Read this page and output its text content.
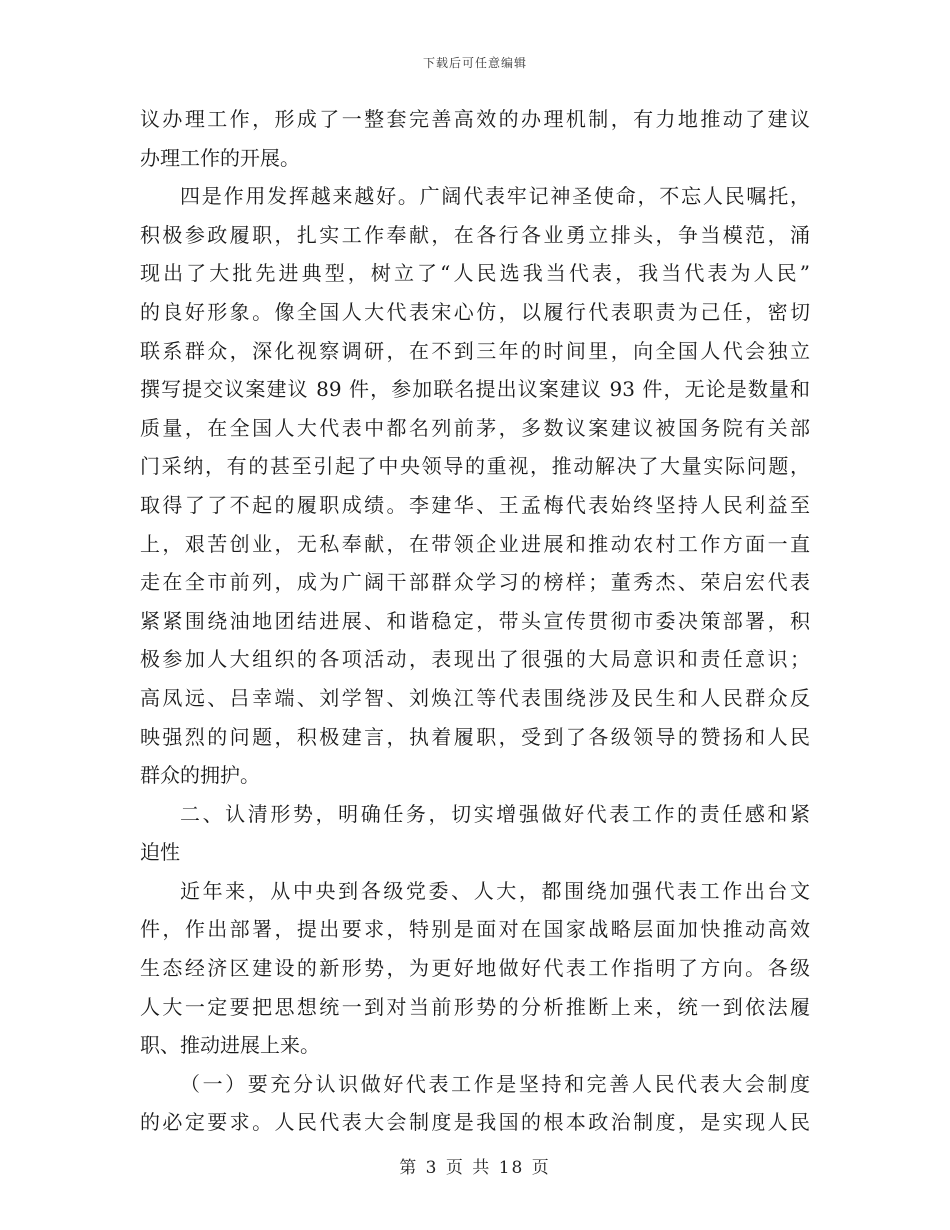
下载后可任意编辑
议办理工作，形成了一整套完善高效的办理机制，有力地推动了建议
办理工作的开展。
四是作用发挥越来越好。广阔代表牢记神圣使命，不忘人民嘱托，
积极参政履职，扎实工作奉献，在各行各业勇立排头，争当模范，涌
现出了大批先进典型，树立了“人民选我当代表，我当代表为人民”
的良好形象。像全国人大代表宋心仿，以履行代表职责为己任，密切
联系群众，深化视察调研，在不到三年的时间里，向全国人代会独立
撰写提交议案建议 89 件，参加联名提出议案建议 93 件，无论是数量和
质量，在全国人大代表中都名列前茅，多数议案建议被国务院有关部
门采纳，有的甚至引起了中央领导的重视，推动解决了大量实际问题，
取得了了不起的履职成绩。李建华、王孟梅代表始终坚持人民利益至
上，艰苦创业，无私奉献，在带领企业进展和推动农村工作方面一直
走在全市前列，成为广阔干部群众学习的榜样；董秀杰、荣启宏代表
紧紧围绕油地团结进展、和谐稳定，带头宣传贯彻市委决策部署，积
极参加人大组织的各项活动，表现出了很强的大局意识和责任意识；
高凤远、吕幸端、刘学智、刘焕江等代表围绕涉及民生和人民群众反
映强烈的问题，积极建言，执着履职，受到了各级领导的赞扬和人民
群众的拥护。
二、认清形势，明确任务，切实增强做好代表工作的责任感和紧
迫性
近年来，从中央到各级党委、人大，都围绕加强代表工作出台文
件，作出部署，提出要求，特别是面对在国家战略层面加快推动高效
生态经济区建设的新形势，为更好地做好代表工作指明了方向。各级
人大一定要把思想统一到对当前形势的分析推断上来，统一到依法履
职、推动进展上来。
（一）要充分认识做好代表工作是坚持和完善人民代表大会制度
的必定要求。人民代表大会制度是我国的根本政治制度，是实现人民
第 3 页 共 18 页
